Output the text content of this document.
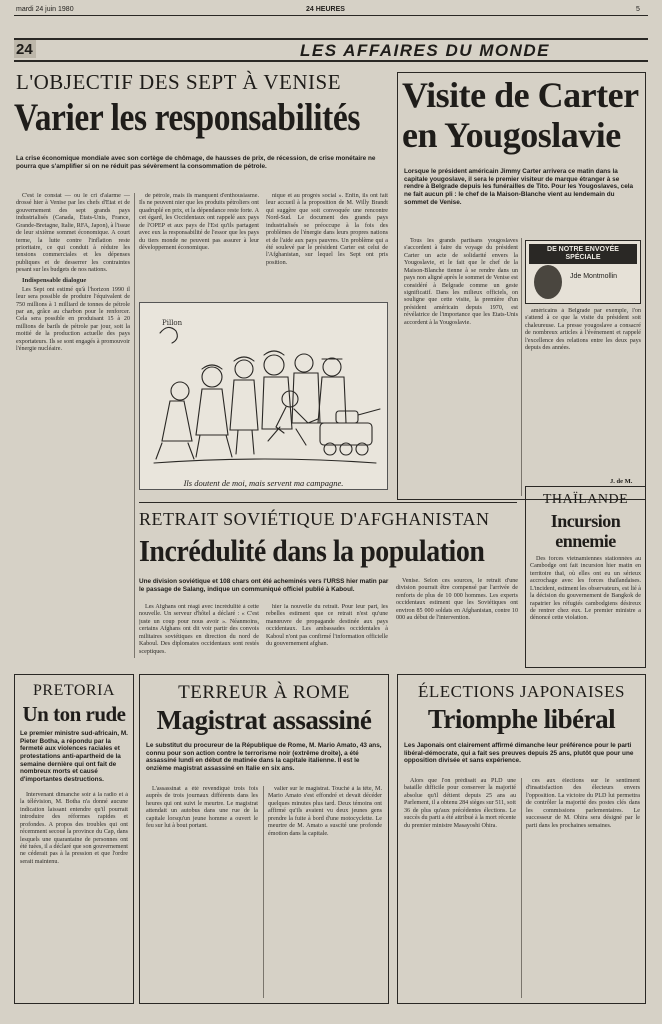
mardi 24 juin 1980	24 HEURES	5
24	LES AFFAIRES DU MONDE
L'OBJECTIF DES SEPT À VENISE
Varier les responsabilités
La crise économique mondiale avec son cortège de chômage, de hausses de prix, de récession, de crise monétaire ne pourra que s'amplifier si on ne réduit pas sévèrement la consommation de pétrole.

C'est le constat — ou le cri d'alarme — drossé hier à Venise par les chefs d'Etat et de gouvernement des sept grands pays industrialisés (Canada, Etats-Unis, France, Grande-Bretagne, Italie, RFA, Japon), à l'issue de leur sixième sommet économique. A court terme, la lutte contre l'inflation reste prioritaire, ce qui conduit à réduire les tensions commerciales et les dépenses publiques et de desserrer les contraintes pesant sur les budgets de nos nations.

Indispensable dialogue

Les Sept ont estimé qu'à l'horizon 1990 il leur sera possible de produire l'équivalent de 750 millions à 1 milliard de tonnes de pétrole par an, grâce au charbon pour le renforcer. Cela sera possible en produisant 15 à 20 millions de barils de pétrole par jour, soit la moitié de la production actuelle des pays exportateurs. Ils se sont engagés à promouvoir l'énergie nucléaire.

de pétrole, mais ils manquent d'enthousiasme. Ils ne peuvent nier que les produits pétroliers ont quadruplé en prix, et la dépendance reste forte. A cet égard, les Occidentaux ont rappelé aux pays de l'OPEP et aux pays de l'Est qu'ils partagent avec eux la responsabilité de l'essor que les pays du tiers monde ne peuvent pas assurer à leur développement économique.

nique et au progrès social ». Enfin, ils ont fait leur accueil à la proposition de M. Willy Brandt qui suggère que soit convoquée une rencontre Nord-Sud. Le document des grands pays industrialisés se préoccupe à la fois des problèmes de l'énergie dans leurs propres nations et de l'aide aux pays pauvres. Un problème qui a été soulevé par le président Carter est celui de l'Afghanistan, sur lequel les Sept ont pris position.

Pillon
Ils doutent de moi, mais servent ma campagne.
Visite de Carter en Yougoslavie
Lorsque le président américain Jimmy Carter arrivera ce matin dans la capitale yougoslave, il sera le premier visiteur de marque étranger à se rendre à Belgrade depuis les funérailles de Tito. Pour les Yougoslaves, cela ne fait aucun pli : le chef de la Maison-Blanche vient au lendemain du sommet de Venise.

Tous les grands partisans yougoslaves s'accordent à faire du voyage du président Carter un acte de solidarité envers la Yougoslavie, et le fait que le chef de la Maison-Blanche tienne à se rendre dans un pays non aligné après le sommet de Venise est considéré à Belgrade comme un geste significatif. Dans les milieux officiels, on souligne que cette visite, la première d'un président américain depuis 1970, est révélatrice de l'importance que les Etats-Unis accordent à la Yougoslavie.

DE NOTRE ENVOYÉE SPÉCIALE
Jde Montmollin

américains à Belgrade par exemple, l'on s'attend à ce que la visite du président soit chaleureuse. La presse yougoslave a consacré de nombreux articles à l'événement et rappelé l'excellence des relations entre les deux pays depuis des années.

J. de M.
THAÏLANDE
Incursion ennemie

Des forces vietnamiennes stationnées au Cambodge ont fait incursion hier matin en territoire thaï, où elles ont eu un sérieux accrochage avec les forces thaïlandaises. L'incident, estiment les observateurs, est lié à la décision du gouvernement de Bangkok de rapatrier les réfugiés cambodgiens désireux de rentrer chez eux. Le premier ministre a dénoncé cette violation.

RETRAIT SOVIÉTIQUE D'AFGHANISTAN
Incrédulité dans la population
Une division soviétique et 108 chars ont été acheminés vers l'URSS hier matin par le passage de Salang, indique un communiqué officiel publié à Kaboul.

Les Afghans ont réagi avec incrédulité à cette nouvelle. Un serveur d'hôtel a déclaré : « C'est juste un coup pour nous avoir ». Néanmoins, certains Afghans ont dit voir partir des convois militaires soviétiques en direction du nord de Kaboul. Des diplomates occidentaux sont restés sceptiques.

hier la nouvelle du retrait. Pour leur part, les rebelles estiment que ce retrait n'est qu'une manœuvre de propagande destinée aux pays occidentaux. Les ambassades occidentales à Kaboul n'ont pas confirmé l'information officielle du gouvernement afghan.

Venise. Selon ces sources, le retrait d'une division pourrait être compensé par l'arrivée de renforts de plus de 10 000 hommes. Les experts occidentaux estiment que les Soviétiques ont environ 85 000 soldats en Afghanistan, contre 10 000 au début de l'intervention.

PRETORIA
Un ton rude
Le premier ministre sud-africain, M. Pieter Botha, a répondu par la fermeté aux violences raciales et protestations anti-apartheid de la semaine dernière qui ont fait de nombreux morts et causé d'importantes destructions.

Intervenant dimanche soir à la radio et à la télévision, M. Botha n'a donné aucune indication laissant entendre qu'il pourrait introduire des réformes rapides et profondes. A propos des troubles qui ont récemment secoué la province du Cap, dans lesquels une quarantaine de personnes ont été tuées, il a déclaré que son gouvernement ne céderait pas à la pression et que l'ordre serait maintenu.

TERREUR À ROME
Magistrat assassiné
Le substitut du procureur de la République de Rome, M. Mario Amato, 43 ans, connu pour son action contre le terrorisme noir (extrême droite), a été assassiné lundi en début de matinée dans la capitale italienne. Il est le onzième magistrat assassiné en Italie en six ans.

L'assassinat a été revendiqué trois fois auprès de trois journaux différents dans les heures qui ont suivi le meurtre. Le magistrat attendait un autobus dans une rue de la capitale lorsqu'un jeune homme a ouvert le feu sur lui à bout portant.

valier sur le magistrat. Touché à la tête, M. Mario Amato s'est effondré et devait décéder quelques minutes plus tard. Deux témoins ont affirmé qu'ils avaient vu deux jeunes gens prendre la fuite à bord d'une motocyclette. Le meurtre de M. Amato a suscité une profonde émotion dans la capitale.

ÉLECTIONS JAPONAISES
Triomphe libéral
Les Japonais ont clairement affirmé dimanche leur préférence pour le parti libéral-démocrate, qui a fait ses preuves depuis 25 ans, plutôt que pour une opposition divisée et sans expérience.

Alors que l'on prédisait au PLD une bataille difficile pour conserver la majorité absolue qu'il détient depuis 25 ans au Parlement, il a obtenu 284 sièges sur 511, soit 36 de plus qu'aux précédentes élections. Le succès du parti a été attribué à la mort récente du premier ministre Masayoshi Ohira.

ces aux élections sur le sentiment d'insatisfaction des électeurs envers l'opposition. La victoire du PLD lui permettra de contrôler la majorité des postes clés dans les commissions parlementaires. Le successeur de M. Ohira sera désigné par le parti dans les prochaines semaines.
